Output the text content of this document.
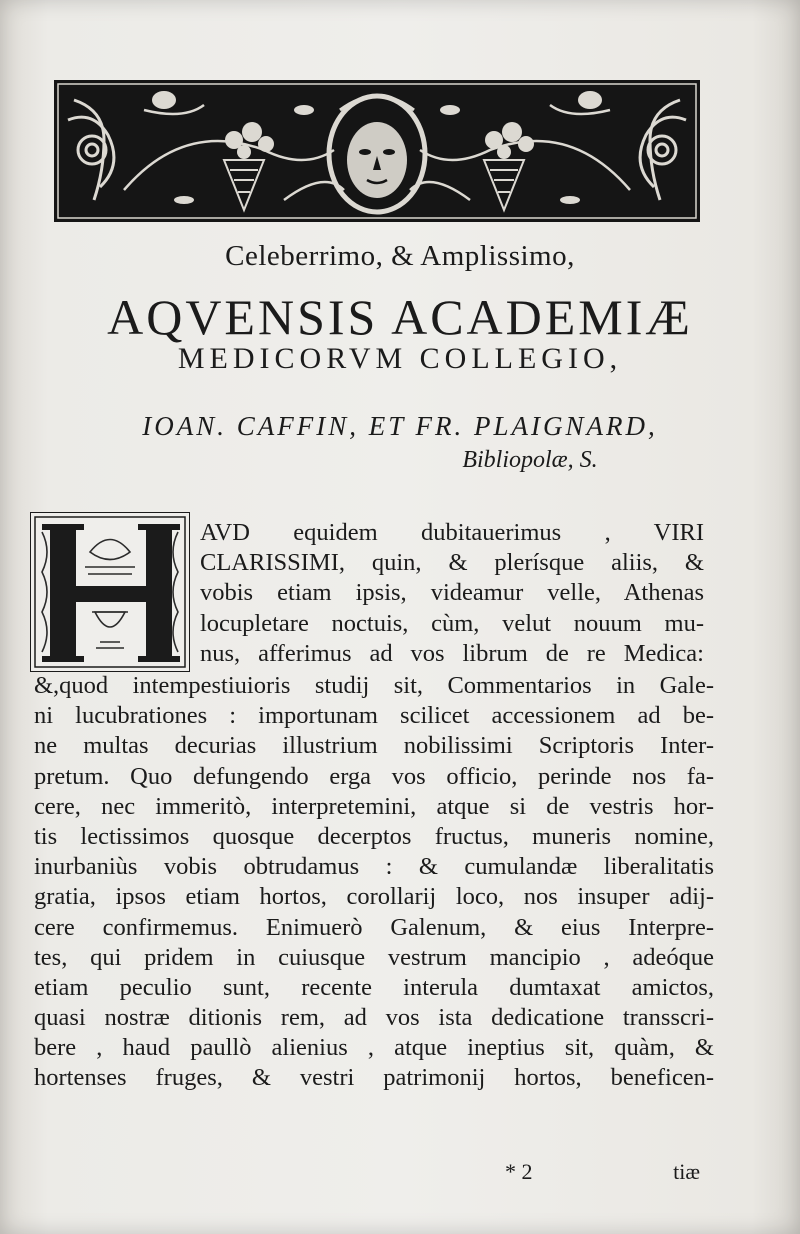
Celeberrimo, & Amplissimo,
AQVENSIS ACADEMIÆ
MEDICORVM COLLEGIO,
IOAN. CAFFIN, ET FR. PLAIGNARD,
Bibliopolæ, S.
AVD equidem dubitauerimus , VIRI
CLARISSIMI, quin, & plerísque aliis, &
vobis etiam ipsis, videamur velle, Athenas
locupletare noctuis, cùm, velut nouum mu-
nus, afferimus ad vos librum de re Medica:
&,quod intempestiuioris studij sit, Commentarios in Gale-
ni lucubrationes : importunam scilicet accessionem ad be-
ne multas decurias illustrium nobilissimi Scriptoris Inter-
pretum. Quo defungendo erga vos officio, perinde nos fa-
cere, nec immeritò, interpretemini, atque si de vestris hor-
tis lectissimos quosque decerptos fructus, muneris nomine,
inurbaniùs vobis obtrudamus : & cumulandæ liberalitatis
gratia, ipsos etiam hortos, corollarij loco, nos insuper adij-
cere confirmemus. Enimuerò Galenum, & eius Interpre-
tes, qui pridem in cuiusque vestrum mancipio , adeóque
etiam peculio sunt, recente interula dumtaxat amictos,
quasi nostræ ditionis rem, ad vos ista dedicatione transscri-
bere , haud paullò alienius , atque ineptius sit, quàm, &
hortenses fruges, & vestri patrimonij hortos, beneficen-
* 2	tiæ
